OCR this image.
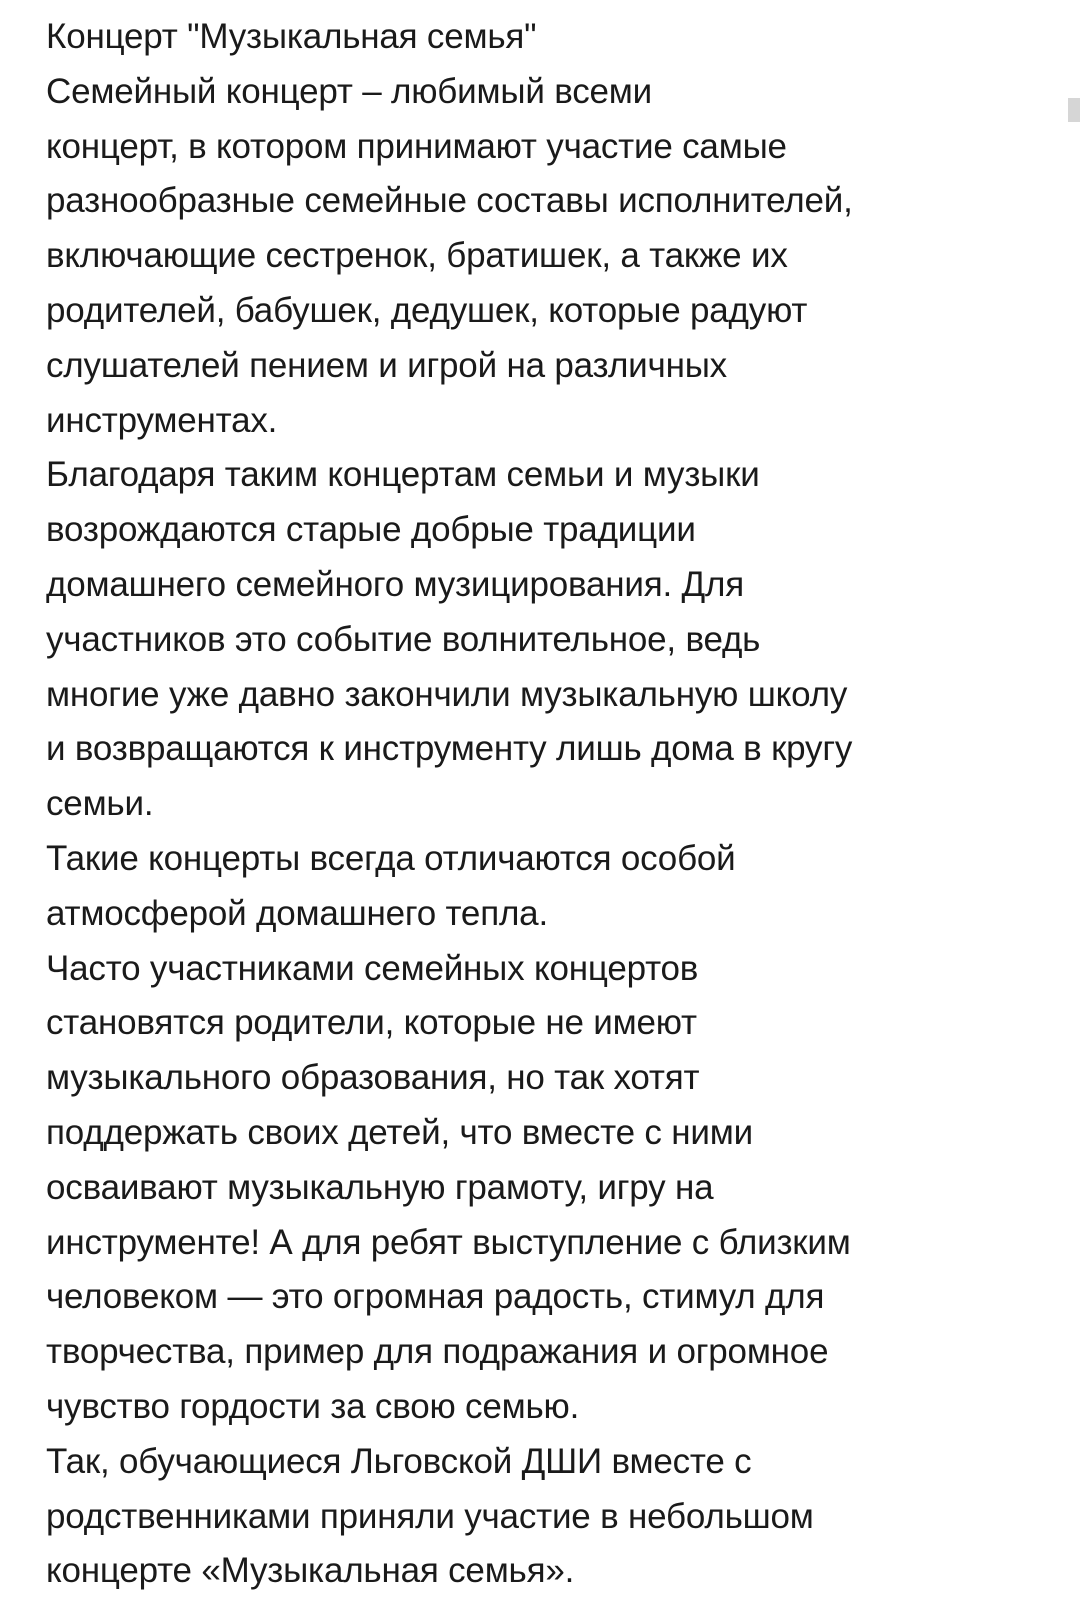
Концерт "Музыкальная семья"
Семейный концерт – любимый всеми
концерт, в котором принимают участие самые
разнообразные семейные составы исполнителей,
включающие сестренок, братишек, а также их
родителей, бабушек, дедушек, которые радуют
слушателей пением и игрой на различных
инструментах.
Благодаря таким концертам семьи и музыки
возрождаются старые добрые традиции
домашнего семейного музицирования. Для
участников это событие волнительное, ведь
многие уже давно закончили музыкальную школу
и возвращаются к инструменту лишь дома в кругу
семьи.
Такие концерты всегда отличаются особой
атмосферой домашнего тепла.
Часто участниками семейных концертов
становятся родители, которые не имеют
музыкального образования, но так хотят
поддержать своих детей, что вместе с ними
осваивают музыкальную грамоту, игру на
инструменте! А для ребят выступление с близким
человеком — это огромная радость, стимул для
творчества, пример для подражания и огромное
чувство гордости за свою семью.
Так, обучающиеся Льговской ДШИ вместе с
родственниками приняли участие в небольшом
концерте «Музыкальная семья».
